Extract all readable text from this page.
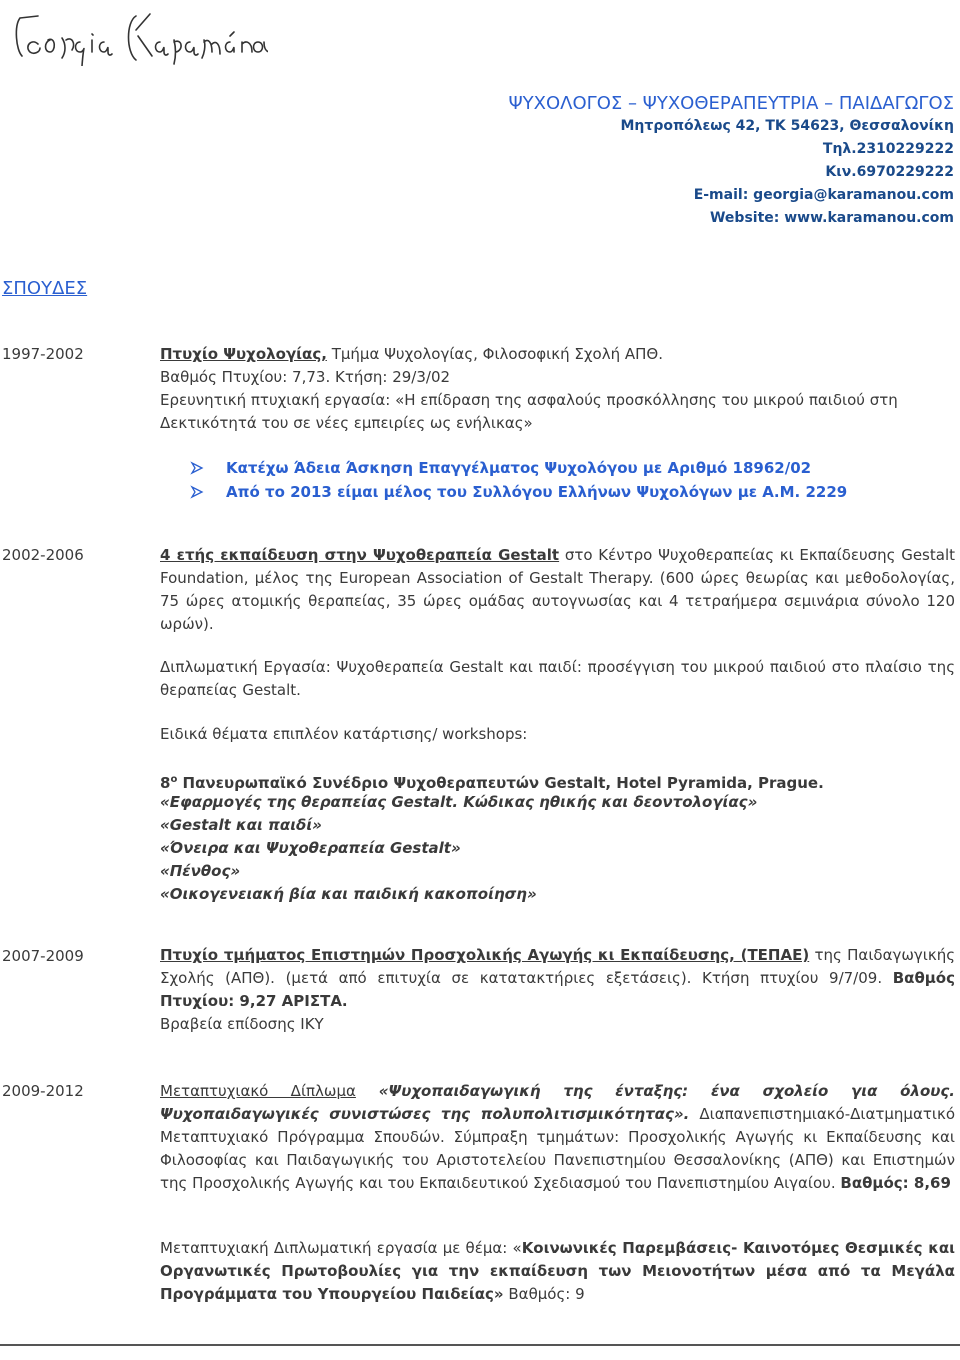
ΨΥΧΟΛΟΓΟΣ – ΨΥΧΟΘΕΡΑΠΕΥΤΡΙΑ – ΠΑΙΔΑΓΩΓΟΣ
Μητροπόλεως 42, ΤΚ 54623, Θεσσαλονίκη
Τηλ.2310229222
Κιν.6970229222
E-mail: georgia@karamanou.com
Website: www.karamanou.com
ΣΠΟΥΔΕΣ
1997-2002	Πτυχίο Ψυχολογίας, Τμήμα Ψυχολογίας, Φιλοσοφική Σχολή ΑΠΘ.
Βαθμός Πτυχίου: 7,73. Κτήση: 29/3/02
Ερευνητική πτυχιακή εργασία: «Η επίδραση της ασφαλούς προσκόλλησης του μικρού παιδιού στη
Δεκτικότητά του σε νέες εμπειρίες ως ενήλικας»
Κατέχω Άδεια Άσκηση Επαγγέλματος Ψυχολόγου με Αριθμό 18962/02
Από το 2013 είμαι μέλος του Συλλόγου Ελλήνων Ψυχολόγων με Α.Μ. 2229
2002-2006	4 ετής εκπαίδευση στην Ψυχοθεραπεία Gestalt στο Κέντρο Ψυχοθεραπείας κι Εκπαίδευσης Gestalt Foundation, μέλος της European Association of Gestalt Therapy. (600 ώρες θεωρίας και μεθοδολογίας, 75 ώρες ατομικής θεραπείας, 35 ώρες ομάδας αυτογνωσίας και 4 τετραήμερα σεμινάρια σύνολο 120 ωρών).
Διπλωματική Εργασία: Ψυχοθεραπεία Gestalt και παιδί: προσέγγιση του μικρού παιδιού στο πλαίσιο της θεραπείας Gestalt.
Ειδικά θέματα επιπλέον κατάρτισης/ workshops:
$8^o$ Πανευρωπαϊκό Συνέδριο Ψυχοθεραπευτών Gestalt, Hotel Pyramida, Prague.
«Εφαρμογές της θεραπείας Gestalt. Κώδικας ηθικής και δεοντολογίας»
«Gestalt και παιδί»
«Όνειρα και Ψυχοθεραπεία Gestalt»
«Πένθος»
«Οικογενειακή βία και παιδική κακοποίηση»
2007-2009	Πτυχίο τμήματος Επιστημών Προσχολικής Αγωγής κι Εκπαίδευσης, (ΤΕΠΑΕ) της Παιδαγωγικής Σχολής (ΑΠΘ). (μετά από επιτυχία σε κατατακτήριες εξετάσεις). Κτήση πτυχίου 9/7/09. Βαθμός Πτυχίου: 9,27 ΑΡΙΣΤΑ.
Βραβεία επίδοσης ΙΚΥ
2009-2012	Μεταπτυχιακό Δίπλωμα «Ψυχοπαιδαγωγική της ένταξης: ένα σχολείο για όλους. Ψυχοπαιδαγωγικές συνιστώσες της πολυπολιτισμικότητας». Διαπανεπιστημιακό-Διατμηματικό Μεταπτυχιακό Πρόγραμμα Σπουδών. Σύμπραξη τμημάτων: Προσχολικής Αγωγής κι Εκπαίδευσης και Φιλοσοφίας και Παιδαγωγικής του Αριστοτελείου Πανεπιστημίου Θεσσαλονίκης (ΑΠΘ) και Επιστημών της Προσχολικής Αγωγής και του Εκπαιδευτικού Σχεδιασμού του Πανεπιστημίου Αιγαίου. Βαθμός: 8,69
Μεταπτυχιακή Διπλωματική εργασία με θέμα: «Κοινωνικές Παρεμβάσεις- Καινοτόμες Θεσμικές και Οργανωτικές Πρωτοβουλίες για την εκπαίδευση των Μειονοτήτων μέσα από τα Μεγάλα Προγράμματα του Υπουργείου Παιδείας» Βαθμός: 9
